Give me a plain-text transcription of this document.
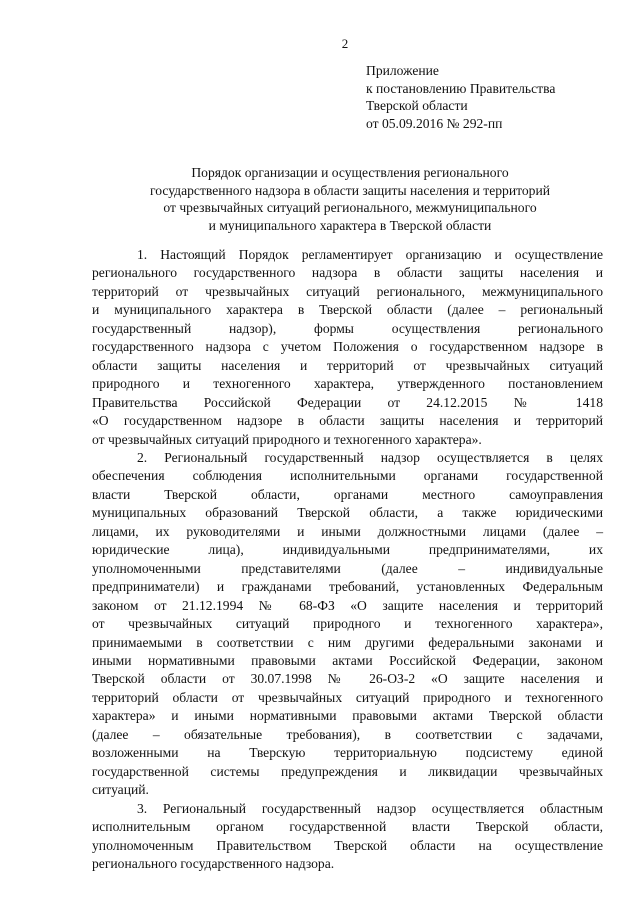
2
Приложение
к постановлению Правительства
Тверской области
от 05.09.2016 № 292-пп
Порядок организации и осуществления регионального
государственного надзора в области защиты населения и территорий
от чрезвычайных ситуаций регионального, межмуниципального
и муниципального характера в Тверской области
1. Настоящий Порядок регламентирует организацию и осуществление
регионального государственного надзора в области защиты населения и
территорий от чрезвычайных ситуаций регионального, межмуниципального
и муниципального характера в Тверской области (далее – региональный
государственный надзор), формы осуществления регионального
государственного надзора с учетом Положения о государственном надзоре в
области защиты населения и территорий от чрезвычайных ситуаций
природного и техногенного характера, утвержденного постановлением
Правительства Российской Федерации от 24.12.2015 № 1418
«О государственном надзоре в области защиты населения и территорий
от чрезвычайных ситуаций природного и техногенного характера».
2. Региональный государственный надзор осуществляется в целях
обеспечения соблюдения исполнительными органами государственной
власти Тверской области, органами местного самоуправления
муниципальных образований Тверской области, а также юридическими
лицами, их руководителями и иными должностными лицами (далее –
юридические лица), индивидуальными предпринимателями, их
уполномоченными представителями (далее – индивидуальные
предприниматели) и гражданами требований, установленных Федеральным
законом от 21.12.1994 № 68-ФЗ «О защите населения и территорий
от чрезвычайных ситуаций природного и техногенного характера»,
принимаемыми в соответствии с ним другими федеральными законами и
иными нормативными правовыми актами Российской Федерации, законом
Тверской области от 30.07.1998 № 26-ОЗ-2 «О защите населения и
территорий области от чрезвычайных ситуаций природного и техногенного
характера» и иными нормативными правовыми актами Тверской области
(далее – обязательные требования), в соответствии с задачами,
возложенными на Тверскую территориальную подсистему единой
государственной системы предупреждения и ликвидации чрезвычайных
ситуаций.
3. Региональный государственный надзор осуществляется областным
исполнительным органом государственной власти Тверской области,
уполномоченным Правительством Тверской области на осуществление
регионального государственного надзора.
